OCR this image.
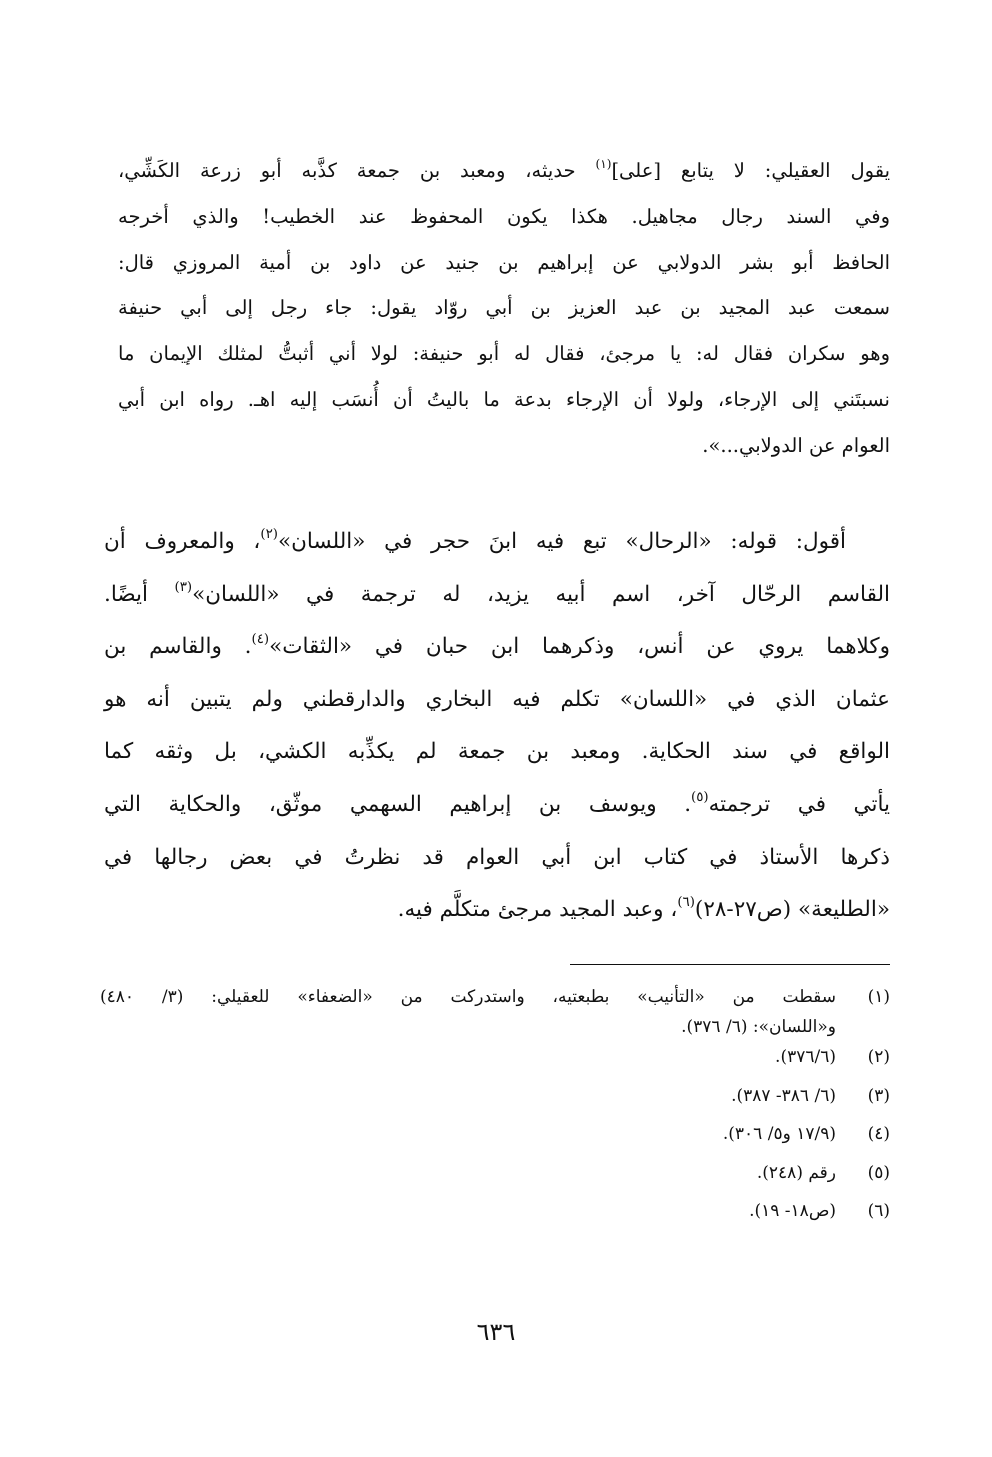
يقول العقيلي: لا يتابع [على]$^{(١)}$ حديثه، ومعبد بن جمعة كذَّبه أبو زرعة الكَشِّي،
وفي السند رجال مجاهيل. هكذا يكون المحفوظ عند الخطيب! والذي أخرجه
الحافظ أبو بشر الدولابي عن إبراهيم بن جنيد عن داود بن أمية المروزي قال:
سمعت عبد المجيد بن عبد العزيز بن أبي روّاد يقول: جاء رجل إلى أبي حنيفة
وهو سكران فقال له: يا مرجئ، فقال له أبو حنيفة: لولا أني أثبتُّ لمثلك الإيمان ما
نسبتَني إلى الإرجاء، ولولا أن الإرجاء بدعة ما باليتُ أن أُنسَب إليه اهـ. رواه ابن أبي
العوام عن الدولابي...».
أقول: قوله: «الرحال» تبع فيه ابنَ حجر في «اللسان»$^{(٢)}$، والمعروف أن
القاسم الرحّال آخر، اسم أبيه يزيد، له ترجمة في «اللسان»$^{(٣)}$ أيضًا.
وكلاهما يروي عن أنس، وذكرهما ابن حبان في «الثقات»$^{(٤)}$. والقاسم بن
عثمان الذي في «اللسان» تكلم فيه البخاري والدارقطني ولم يتبين أنه هو
الواقع في سند الحكاية. ومعبد بن جمعة لم يكذِّبه الكشي، بل وثقه كما
يأتي في ترجمته$^{(٥)}$. ويوسف بن إبراهيم السهمي موثّق، والحكاية التي
ذكرها الأستاذ في كتاب ابن أبي العوام قد نظرتُ في بعض رجالها في
«الطليعة» (ص٢٧-٢٨)$^{(٦)}$، وعبد المجيد مرجئ متكلَّم فيه.
(١)
سقطت من «التأنيب» بطبعتيه، واستدركت من «الضعفاء» للعقيلي: (٣/ ٤٨٠)
و«اللسان»: (٦/ ٣٧٦).
(٢)
(٣٧٦/٦).
(٣)
(٦/ ٣٨٦- ٣٨٧).
(٤)
(١٧/٩ و٥/ ٣٠٦).
(٥)
رقم (٢٤٨).
(٦)
(ص١٨- ١٩).
٦٣٦
